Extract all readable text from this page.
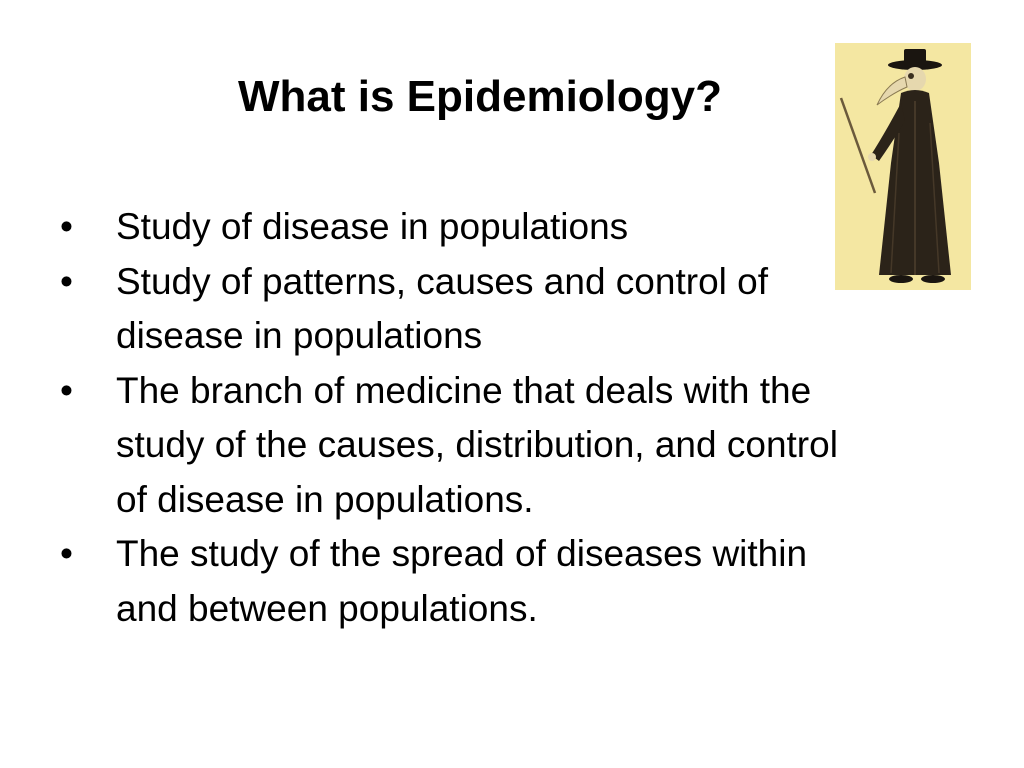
What is Epidemiology?
•	Study of disease in populations
•	Study of patterns, causes and control of disease in populations
•	The branch of medicine that deals with the study of the causes, distribution, and control of disease in populations.
•	The study of the spread of diseases within and between populations.
